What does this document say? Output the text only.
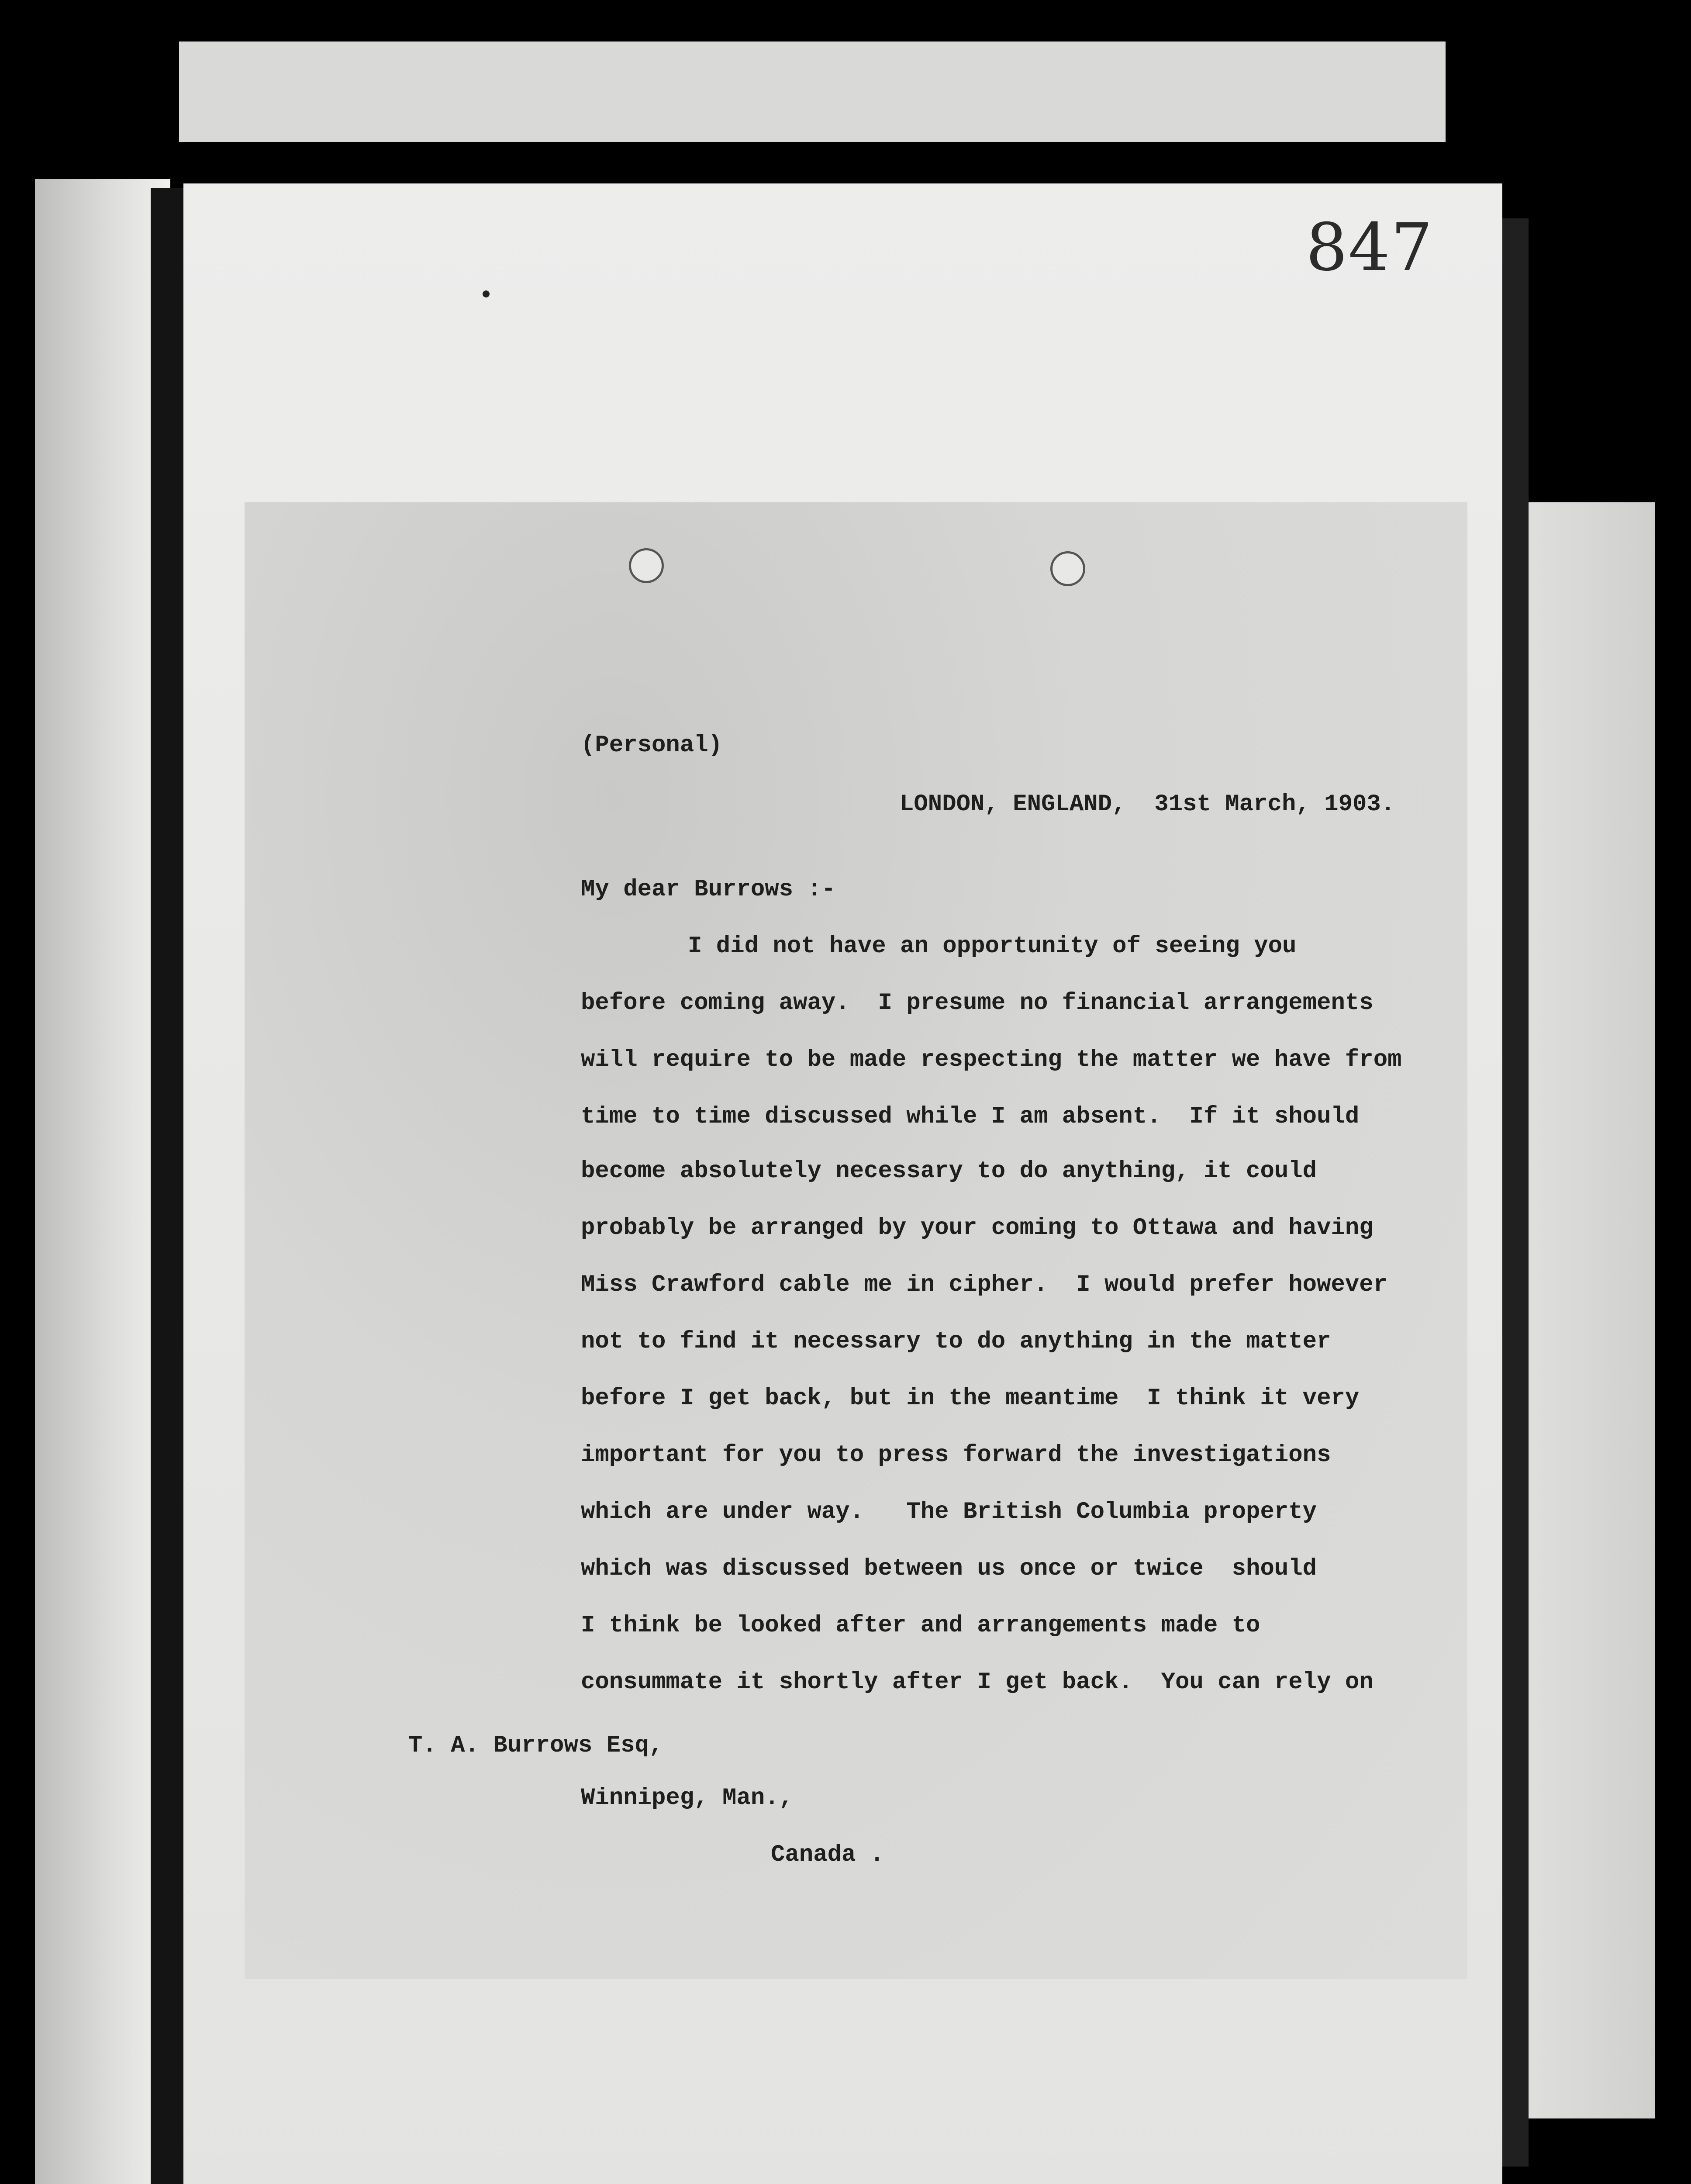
847
(Personal)
LONDON, ENGLAND,  31st March, 1903.
My dear Burrows :-
I did not have an opportunity of seeing you
before coming away.  I presume no financial arrangements
will require to be made respecting the matter we have from
time to time discussed while I am absent.  If it should
become absolutely necessary to do anything, it could
probably be arranged by your coming to Ottawa and having
Miss Crawford cable me in cipher.  I would prefer however
not to find it necessary to do anything in the matter
before I get back, but in the meantime  I think it very
important for you to press forward the investigations
which are under way.   The British Columbia property
which was discussed between us once or twice  should
I think be looked after and arrangements made to
consummate it shortly after I get back.  You can rely on
T. A. Burrows Esq,
Winnipeg, Man.,
Canada .
